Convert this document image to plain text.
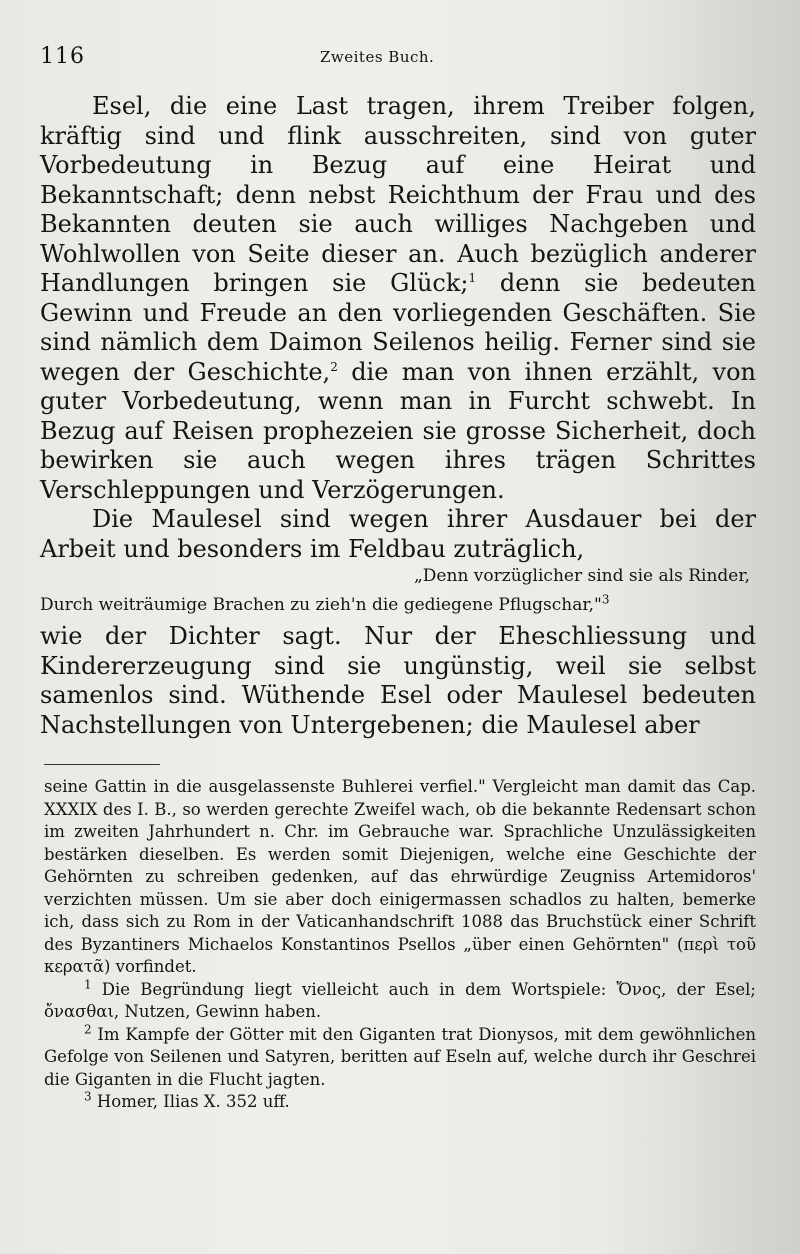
116	Zweites Buch.

Esel, die eine Last tragen, ihrem Treiber folgen, kräftig sind und flink ausschreiten, sind von guter Vorbedeutung in Bezug auf eine Heirat und Bekanntschaft; denn nebst Reichthum der Frau und des Bekannten deuten sie auch williges Nachgeben und Wohlwollen von Seite dieser an. Auch bezüglich anderer Handlungen bringen sie Glück;$^1$ denn sie bedeuten Gewinn und Freude an den vorliegenden Geschäften. Sie sind nämlich dem Daimon Seilenos heilig. Ferner sind sie wegen der Geschichte,$^2$ die man von ihnen erzählt, von guter Vorbedeutung, wenn man in Furcht schwebt. In Bezug auf Reisen prophezeien sie grosse Sicherheit, doch bewirken sie auch wegen ihres trägen Schrittes Verschleppungen und Verzögerungen.

Die Maulesel sind wegen ihrer Ausdauer bei der Arbeit und besonders im Feldbau zuträglich,

„Denn vorzüglicher sind sie als Rinder,
Durch weiträumige Brachen zu zieh'n die gediegene Pflugschar,"$^3$

wie der Dichter sagt. Nur der Eheschliessung und Kindererzeugung sind sie ungünstig, weil sie selbst samenlos sind. Wüthende Esel oder Maulesel bedeuten Nachstellungen von Untergebenen; die Maulesel aber

seine Gattin in die ausgelassenste Buhlerei verfiel." Vergleicht man damit das Cap. XXXIX des I. B., so werden gerechte Zweifel wach, ob die bekannte Redensart schon im zweiten Jahrhundert n. Chr. im Gebrauche war. Sprachliche Unzulässigkeiten bestärken dieselben. Es werden somit Diejenigen, welche eine Geschichte der Gehörnten zu schreiben gedenken, auf das ehrwürdige Zeugniss Artemidoros' verzichten müssen. Um sie aber doch einigermassen schadlos zu halten, bemerke ich, dass sich zu Rom in der Vaticanhandschrift 1088 das Bruchstück einer Schrift des Byzantiners Michaelos Konstantinos Psellos „über einen Gehörnten" (περὶ τοῦ κερατᾶ) vorfindet.

$^1$ Die Begründung liegt vielleicht auch in dem Wortspiele: Ὄνος, der Esel; ὄνασθαι, Nutzen, Gewinn haben.

$^2$ Im Kampfe der Götter mit den Giganten trat Dionysos, mit dem gewöhnlichen Gefolge von Seilenen und Satyren, beritten auf Eseln auf, welche durch ihr Geschrei die Giganten in die Flucht jagten.

$^3$ Homer, Ilias X. 352 uff.
